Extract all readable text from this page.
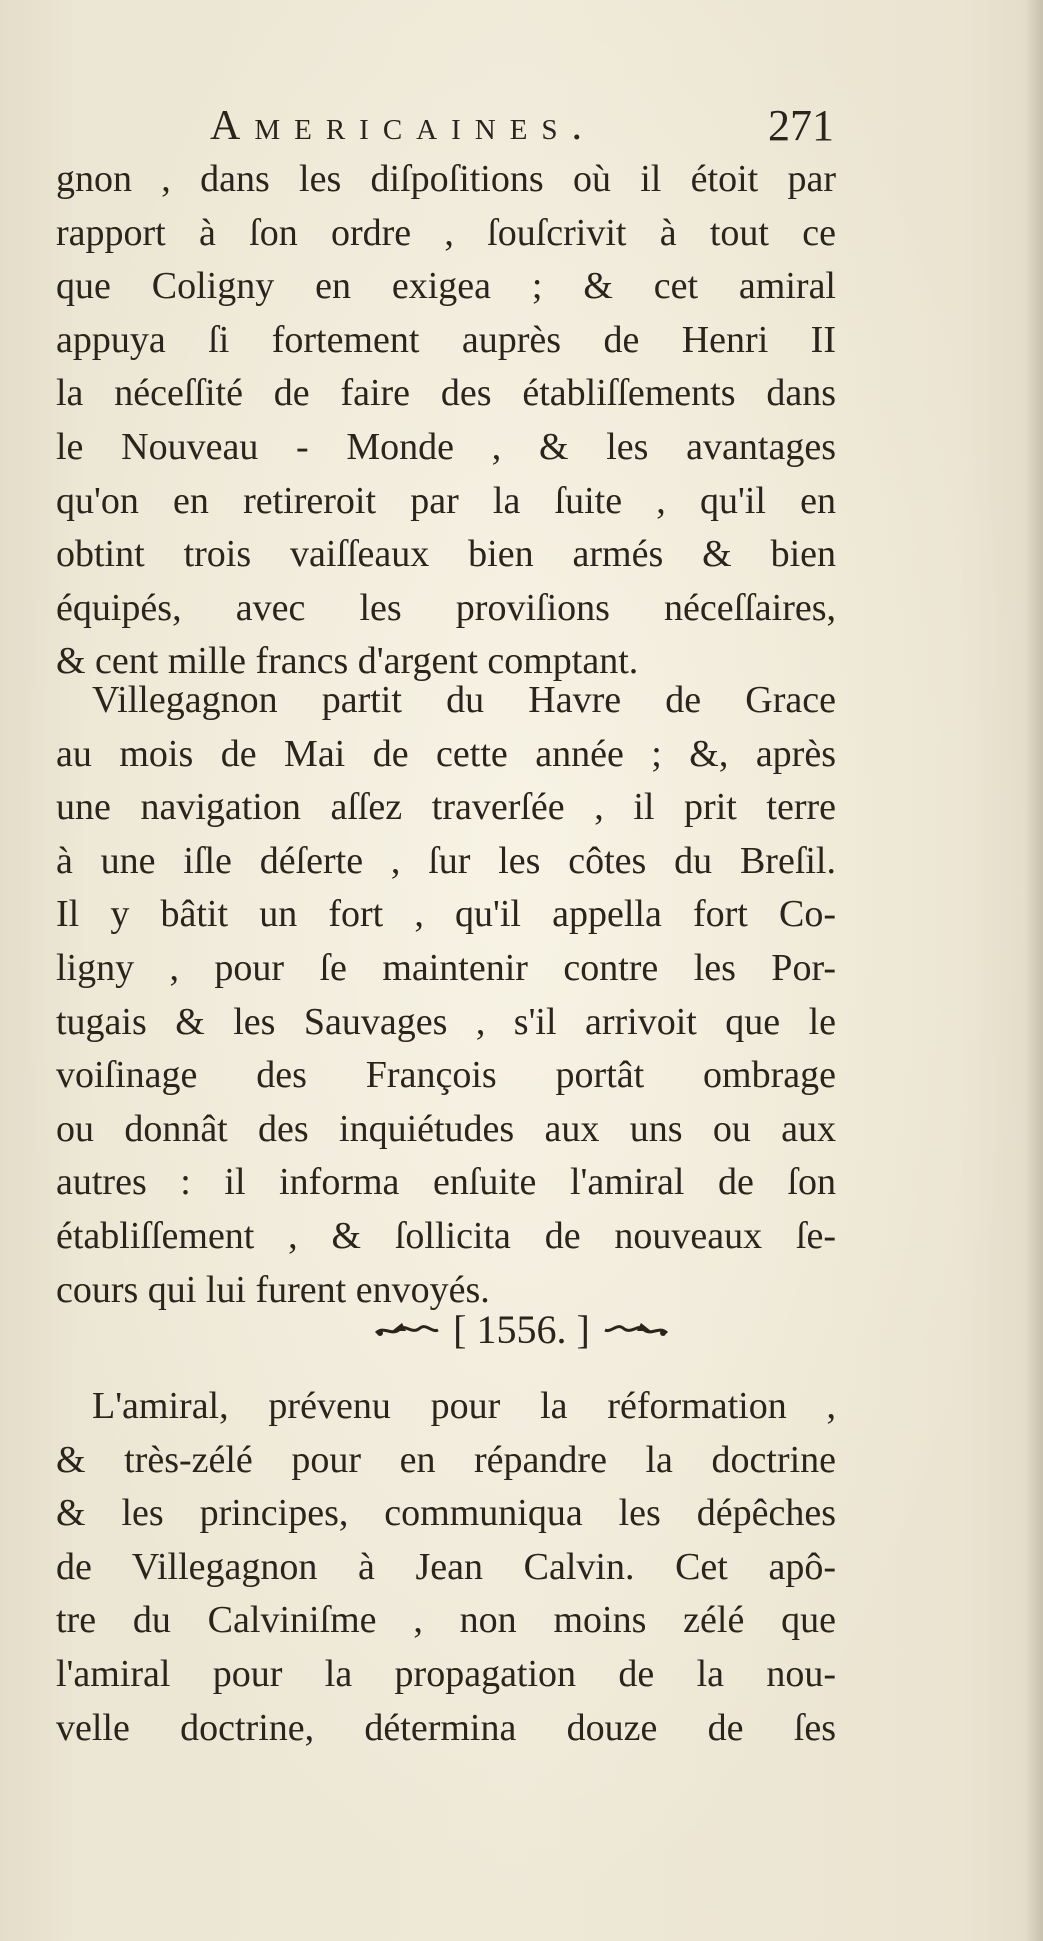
Americaines.	271

gnon , dans les diſpoſitions où il étoit par
rapport à ſon ordre , ſouſcrivit à tout ce
que Coligny en exigea ; & cet amiral
appuya ſi fortement auprès de Henri II
la néceſſité de faire des établiſſements dans
le Nouveau - Monde , & les avantages
qu'on en retireroit par la ſuite , qu'il en
obtint trois vaiſſeaux bien armés & bien
équipés, avec les proviſions néceſſaires,
& cent mille francs d'argent comptant.

Villegagnon partit du Havre de Grace
au mois de Mai de cette année ; &, après
une navigation aſſez traverſée , il prit terre
à une iſle déſerte , ſur les côtes du Breſil.
Il y bâtit un fort , qu'il appella fort Co-
ligny , pour ſe maintenir contre les Por-
tugais & les Sauvages , s'il arrivoit que le
voiſinage des François portât ombrage
ou donnât des inquiétudes aux uns ou aux
autres : il informa enſuite l'amiral de ſon
établiſſement , & ſollicita de nouveaux ſe-
cours qui lui furent envoyés.

[ 1556. ]

L'amiral, prévenu pour la réformation ,
& très-zélé pour en répandre la doctrine
& les principes, communiqua les dépêches
de Villegagnon à Jean Calvin. Cet apô-
tre du Calviniſme , non moins zélé que
l'amiral pour la propagation de la nou-
velle doctrine, détermina douze de ſes
